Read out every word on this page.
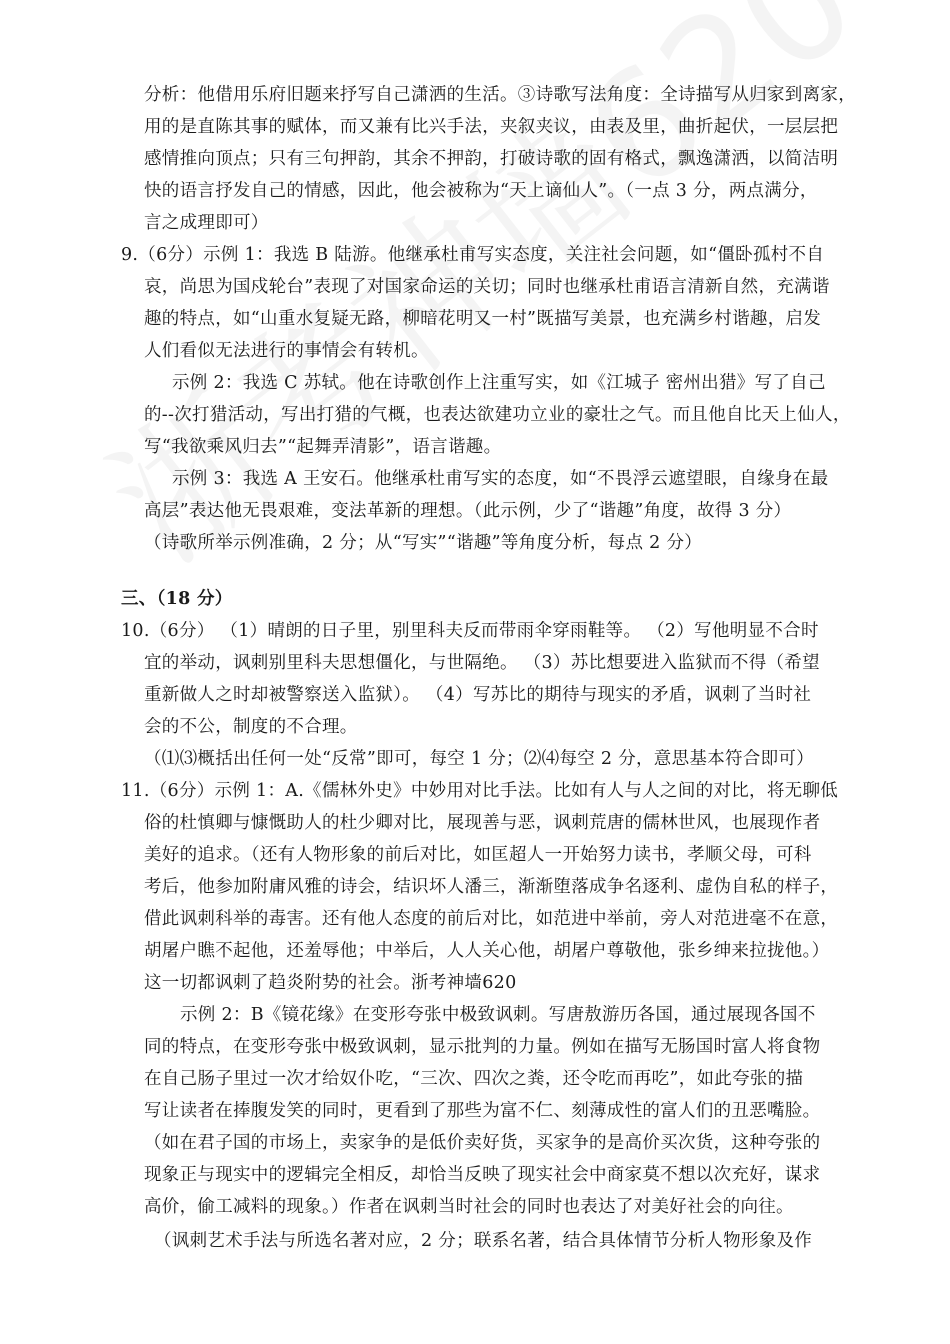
分析：他借用乐府旧题来抒写自己潇洒的生活。③诗歌写法角度：全诗描写从归家到离家，
用的是直陈其事的赋体，而又兼有比兴手法，夹叙夹议，由表及里，曲折起伏，一层层把
感情推向顶点；只有三句押韵，其余不押韵，打破诗歌的固有格式，飘逸潇洒，以简洁明
快的语言抒发自己的情感，因此，他会被称为“天上谪仙人”。（一点 3 分，两点满分，
言之成理即可）
9.（6分）示例 1：我选 B 陆游。他继承杜甫写实态度，关注社会问题，如“僵卧孤村不自
哀，尚思为国戍轮台”表现了对国家命运的关切；同时也继承杜甫语言清新自然，充满谐
趣的特点，如“山重水复疑无路，柳暗花明又一村”既描写美景，也充满乡村谐趣，启发
人们看似无法进行的事情会有转机。
示例 2：我选 C 苏轼。他在诗歌创作上注重写实，如《江城子 密州出猎》写了自己
的--次打猎活动，写出打猎的气概，也表达欲建功立业的豪壮之气。而且他自比天上仙人，
写“我欲乘风归去”“起舞弄清影”，语言谐趣。
示例 3：我选 A 王安石。他继承杜甫写实的态度，如“不畏浮云遮望眼，自缘身在最
高层”表达他无畏艰难，变法革新的理想。（此示例，少了“谐趣”角度，故得 3 分）
（诗歌所举示例准确，2 分；从“写实”“谐趣”等角度分析，每点 2 分）
三、（18 分）
10.（6分） （1）晴朗的日子里，别里科夫反而带雨伞穿雨鞋等。 （2）写他明显不合时
宜的举动，讽刺别里科夫思想僵化，与世隔绝。 （3）苏比想要进入监狱而不得（希望
重新做人之时却被警察送入监狱）。 （4）写苏比的期待与现实的矛盾，讽刺了当时社
会的不公，制度的不合理。
（⑴⑶概括出任何一处“反常”即可，每空 1 分；⑵⑷每空 2 分，意思基本符合即可）
11.（6分）示例 1：A.《儒林外史》中妙用对比手法。比如有人与人之间的对比，将无聊低
俗的杜慎卿与慷慨助人的杜少卿对比，展现善与恶，讽刺荒唐的儒林世风，也展现作者
美好的追求。（还有人物形象的前后对比，如匡超人一开始努力读书，孝顺父母，可科
考后，他参加附庸风雅的诗会，结识坏人潘三，渐渐堕落成争名逐利、虚伪自私的样子，
借此讽刺科举的毒害。还有他人态度的前后对比，如范进中举前，旁人对范进毫不在意，
胡屠户瞧不起他，还羞辱他；中举后，人人关心他，胡屠户尊敬他，张乡绅来拉拢他。）
这一切都讽刺了趋炎附势的社会。浙考神墙620
示例 2：B《镜花缘》在变形夸张中极致讽刺。写唐敖游历各国，通过展现各国不
同的特点，在变形夸张中极致讽刺，显示批判的力量。例如在描写无肠国时富人将食物
在自己肠子里过一次才给奴仆吃，“三次、四次之粪，还令吃而再吃”，如此夸张的描
写让读者在捧腹发笑的同时，更看到了那些为富不仁、刻薄成性的富人们的丑恶嘴脸。
（如在君子国的市场上，卖家争的是低价卖好货，买家争的是高价买次货，这种夸张的
现象正与现实中的逻辑完全相反，却恰当反映了现实社会中商家莫不想以次充好，谋求
高价，偷工减料的现象。）作者在讽刺当时社会的同时也表达了对美好社会的向往。
（讽刺艺术手法与所选名著对应，2 分；联系名著，结合具体情节分析人物形象及作
